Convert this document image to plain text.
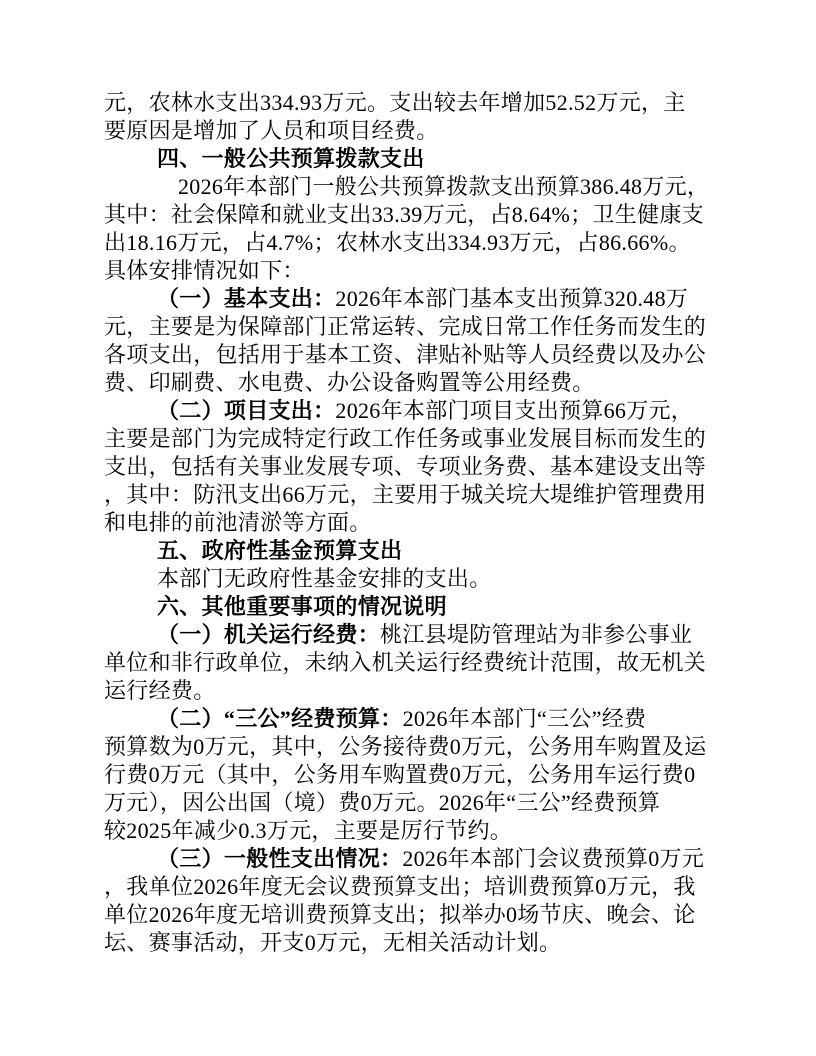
元，农林水支出334.93万元。支出较去年增加52.52万元，主
要原因是增加了人员和项目经费。
四、一般公共预算拨款支出
2026年本部门一般公共预算拨款支出预算386.48万元，
其中：社会保障和就业支出33.39万元，占8.64%；卫生健康支
出18.16万元，占4.7%；农林水支出334.93万元，占86.66%。
具体安排情况如下：
（一）基本支出：2026年本部门基本支出预算320.48万
元，主要是为保障部门正常运转、完成日常工作任务而发生的
各项支出，包括用于基本工资、津贴补贴等人员经费以及办公
费、印刷费、水电费、办公设备购置等公用经费。
（二）项目支出：2026年本部门项目支出预算66万元，
主要是部门为完成特定行政工作任务或事业发展目标而发生的
支出，包括有关事业发展专项、专项业务费、基本建设支出等
，其中：防汛支出66万元，主要用于城关垸大堤维护管理费用
和电排的前池清淤等方面。
五、政府性基金预算支出
本部门无政府性基金安排的支出。
六、其他重要事项的情况说明
（一）机关运行经费：桃江县堤防管理站为非参公事业
单位和非行政单位，未纳入机关运行经费统计范围，故无机关
运行经费。
（二）“三公”经费预算：2026年本部门“三公”经费
预算数为0万元，其中，公务接待费0万元，公务用车购置及运
行费0万元（其中，公务用车购置费0万元，公务用车运行费0
万元），因公出国（境）费0万元。2026年“三公”经费预算
较2025年减少0.3万元，主要是厉行节约。
（三）一般性支出情况：2026年本部门会议费预算0万元
，我单位2026年度无会议费预算支出；培训费预算0万元，我
单位2026年度无培训费预算支出；拟举办0场节庆、晚会、论
坛、赛事活动，开支0万元，无相关活动计划。
